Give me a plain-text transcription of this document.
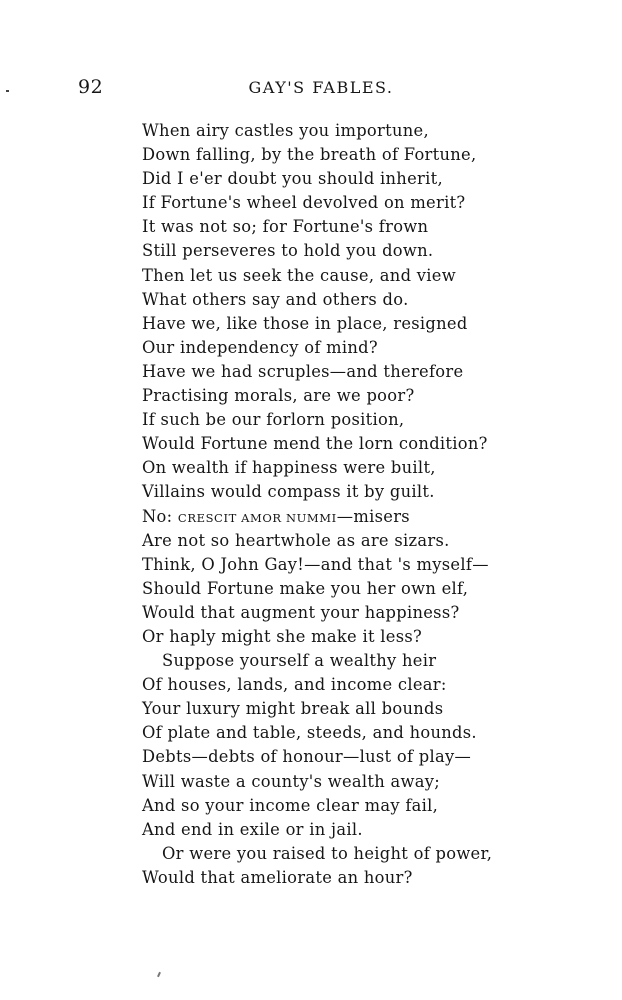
92	GAY'S FABLES.
When airy castles you importune,
Down falling, by the breath of Fortune,
Did I e'er doubt you should inherit,
If Fortune's wheel devolved on merit?
It was not so; for Fortune's frown
Still perseveres to hold you down.
Then let us seek the cause, and view
What others say and others do.
Have we, like those in place, resigned
Our independency of mind?
Have we had scruples—and therefore
Practising morals, are we poor?
If such be our forlorn position,
Would Fortune mend the lorn condition?
On wealth if happiness were built,
Villains would compass it by guilt.
No: CRESCIT AMOR NUMMI—misers
Are not so heartwhole as are sizars.
Think, O John Gay!—and that 's myself—
Should Fortune make you her own elf,
Would that augment your happiness?
Or haply might she make it less?
Suppose yourself a wealthy heir
Of houses, lands, and income clear:
Your luxury might break all bounds
Of plate and table, steeds, and hounds.
Debts—debts of honour—lust of play—
Will waste a county's wealth away;
And so your income clear may fail,
And end in exile or in jail.
Or were you raised to height of power,
Would that ameliorate an hour?
